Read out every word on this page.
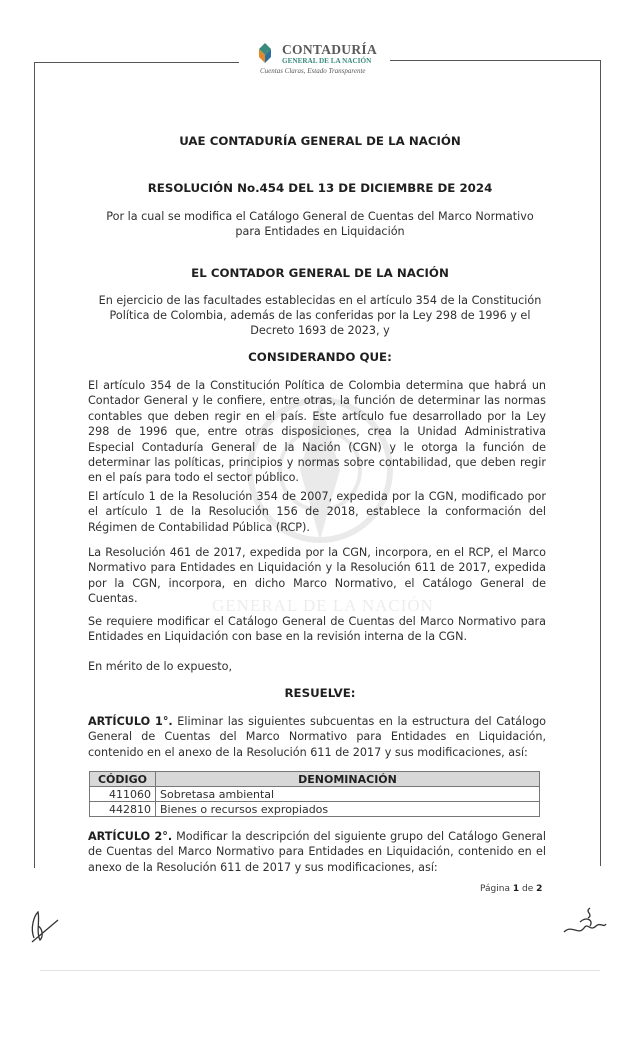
CONTADURÍA
GENERAL DE LA NACIÓN
Cuentas Claras, Estado Transparente
GENERAL DE LA NACIÓN
UAE CONTADURÍA GENERAL DE LA NACIÓN
RESOLUCIÓN No.454 DEL 13 DE DICIEMBRE DE 2024
Por la cual se modifica el Catálogo General de Cuentas del Marco Normativo
para Entidades en Liquidación
EL CONTADOR GENERAL DE LA NACIÓN
En ejercicio de las facultades establecidas en el artículo 354 de la Constitución
Política de Colombia, además de las conferidas por la Ley 298 de 1996 y el
Decreto 1693 de 2023, y
CONSIDERANDO QUE:
El artículo 354 de la Constitución Política de Colombia determina que habrá un
Contador General y le confiere, entre otras, la función de determinar las normas
contables que deben regir en el país. Este artículo fue desarrollado por la Ley
298 de 1996 que, entre otras disposiciones, crea la Unidad Administrativa
Especial Contaduría General de la Nación (CGN) y le otorga la función de
determinar las políticas, principios y normas sobre contabilidad, que deben regir
en el país para todo el sector público.
El artículo 1 de la Resolución 354 de 2007, expedida por la CGN, modificado por
el artículo 1 de la Resolución 156 de 2018, establece la conformación del
Régimen de Contabilidad Pública (RCP).
La Resolución 461 de 2017, expedida por la CGN, incorpora, en el RCP, el Marco
Normativo para Entidades en Liquidación y la Resolución 611 de 2017, expedida
por la CGN, incorpora, en dicho Marco Normativo, el Catálogo General de
Cuentas.
Se requiere modificar el Catálogo General de Cuentas del Marco Normativo para
Entidades en Liquidación con base en la revisión interna de la CGN.
En mérito de lo expuesto,
RESUELVE:
ARTÍCULO 1°. Eliminar las siguientes subcuentas en la estructura del Catálogo
General de Cuentas del Marco Normativo para Entidades en Liquidación,
contenido en el anexo de la Resolución 611 de 2017 y sus modificaciones, así:
CÓDIGO	DENOMINACIÓN
411060	Sobretasa ambiental
442810	Bienes o recursos expropiados
ARTÍCULO 2°. Modificar la descripción del siguiente grupo del Catálogo General
de Cuentas del Marco Normativo para Entidades en Liquidación, contenido en el
anexo de la Resolución 611 de 2017 y sus modificaciones, así:
Página 1 de 2
